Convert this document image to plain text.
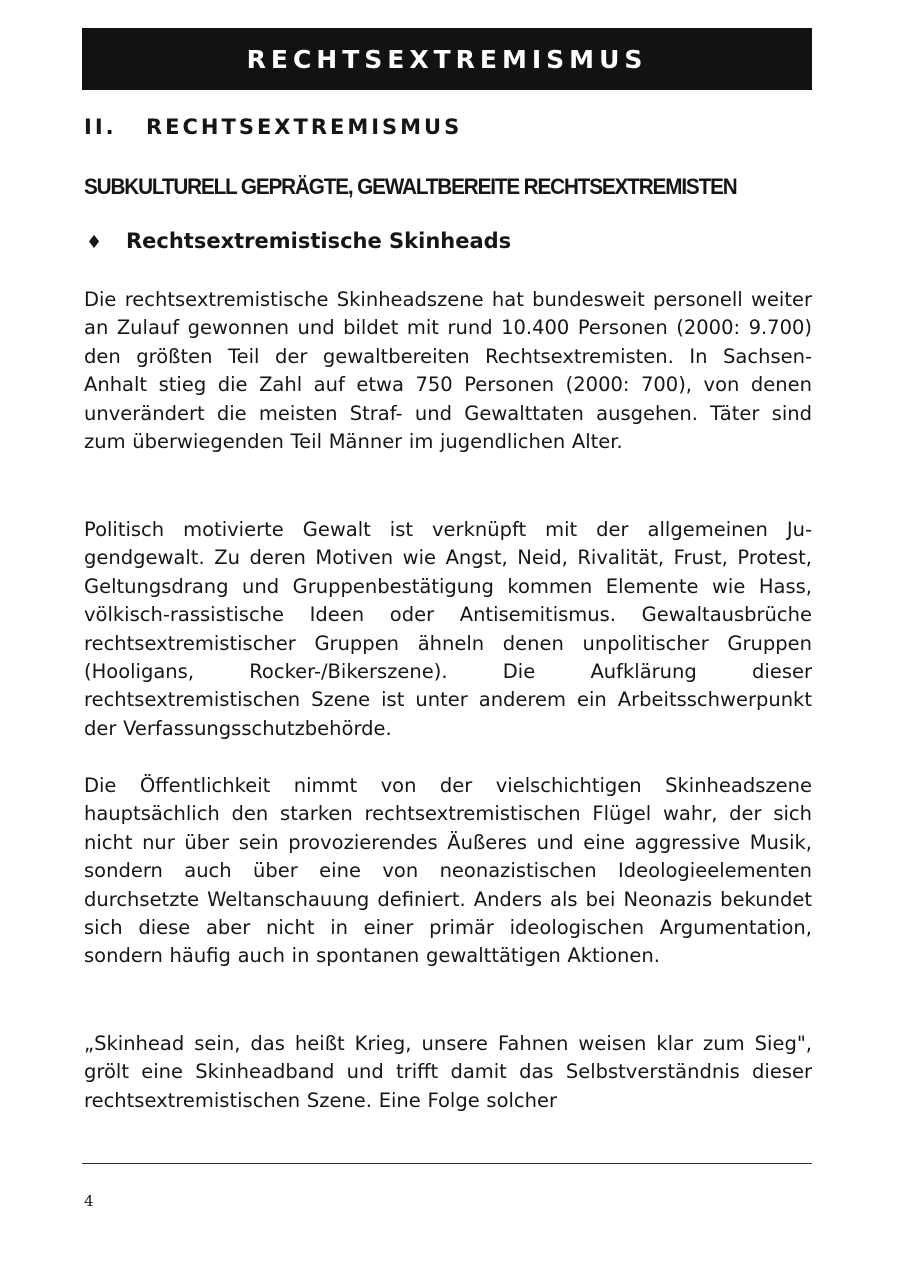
RECHTSEXTREMISMUS
II. RECHTSEXTREMISMUS
SUBKULTURELL GEPRÄGTE, GEWALTBEREITE RECHTSEXTREMISTEN
♦ Rechtsextremistische Skinheads

Die rechtsextremistische Skinheadszene hat bundesweit personell weiter an Zulauf gewonnen und bildet mit rund 10.400 Personen (2000: 9.700) den größten Teil der gewaltbereiten Rechtsextremisten. In Sachsen-Anhalt stieg die Zahl auf etwa 750 Personen (2000: 700), von denen unverändert die meisten Straf- und Gewalttaten ausgehen. Täter sind zum überwiegenden Teil Männer im jugendlichen Alter.

Politisch motivierte Gewalt ist verknüpft mit der allgemeinen Jugendgewalt. Zu deren Motiven wie Angst, Neid, Rivalität, Frust, Protest, Geltungsdrang und Gruppenbestätigung kommen Elemente wie Hass, völkisch-rassistische Ideen oder Antisemitismus. Gewaltausbrüche rechtsextremistischer Gruppen ähneln denen unpolitischer Gruppen (Hooligans, Rocker-/Bikerszene). Die Aufklärung dieser rechtsextremistischen Szene ist unter anderem ein Arbeitsschwerpunkt der Verfassungsschutzbehörde.

Die Öffentlichkeit nimmt von der vielschichtigen Skinheadszene hauptsächlich den starken rechtsextremistischen Flügel wahr, der sich nicht nur über sein provozierendes Äußeres und eine aggressive Musik, sondern auch über eine von neonazistischen Ideologieelementen durchsetzte Weltanschauung definiert. Anders als bei Neonazis bekundet sich diese aber nicht in einer primär ideologischen Argumentation, sondern häufig auch in spontanen gewalttätigen Aktionen.

„Skinhead sein, das heißt Krieg, unsere Fahnen weisen klar zum Sieg", grölt eine Skinheadband und trifft damit das Selbstverständnis dieser rechtsextremistischen Szene. Eine Folge solcher

4
